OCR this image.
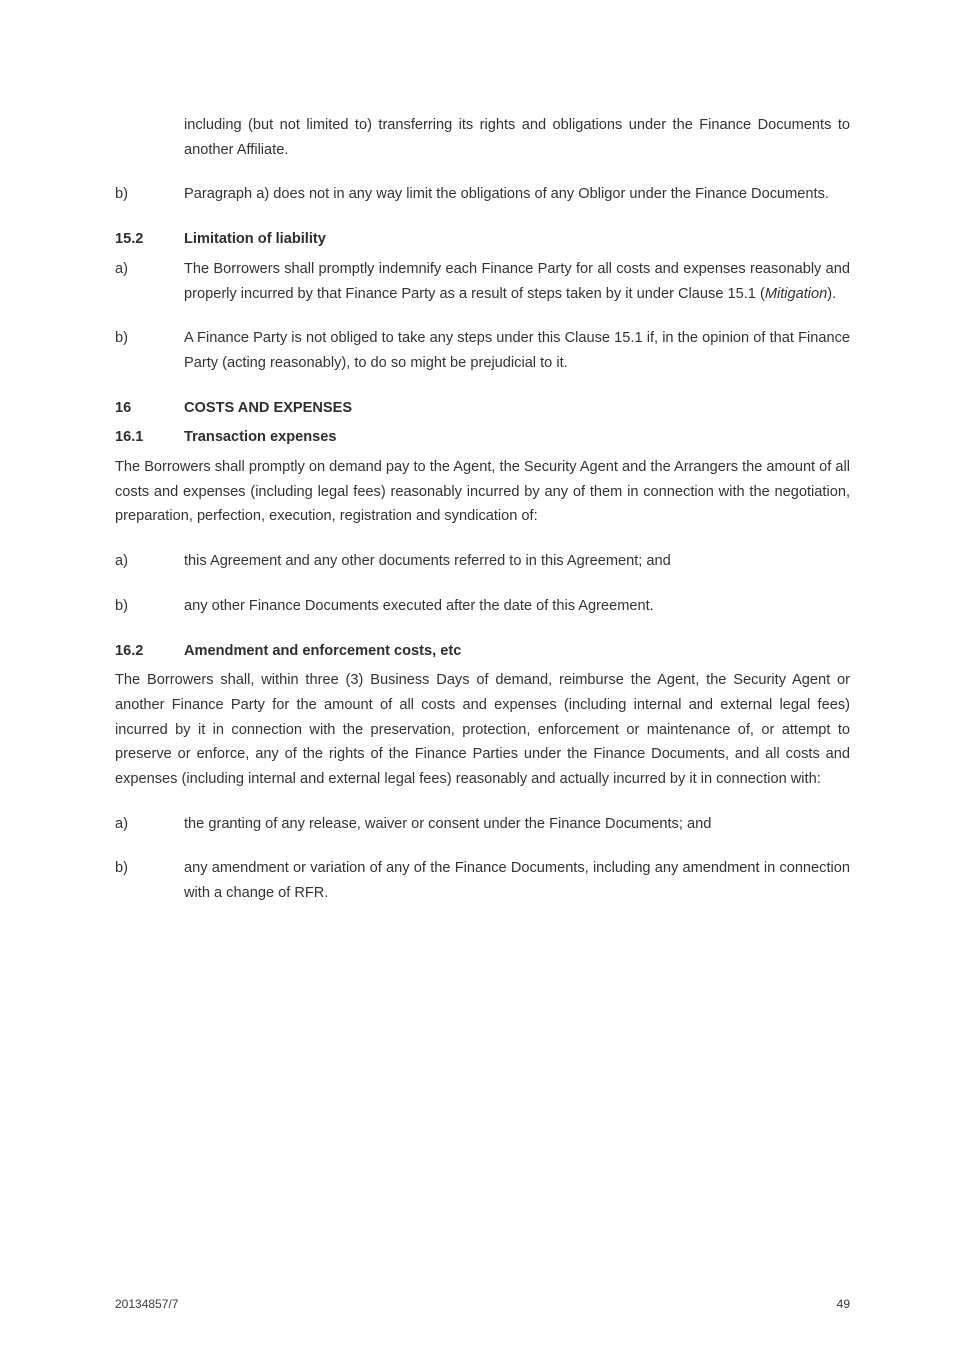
including (but not limited to) transferring its rights and obligations under the Finance Documents to another Affiliate.

b)	Paragraph a) does not in any way limit the obligations of any Obligor under the Finance Documents.
15.2	Limitation of liability
a)	The Borrowers shall promptly indemnify each Finance Party for all costs and expenses reasonably and properly incurred by that Finance Party as a result of steps taken by it under Clause 15.1 (Mitigation).
b)	A Finance Party is not obliged to take any steps under this Clause 15.1 if, in the opinion of that Finance Party (acting reasonably), to do so might be prejudicial to it.
16	COSTS AND EXPENSES
16.1	Transaction expenses

The Borrowers shall promptly on demand pay to the Agent, the Security Agent and the Arrangers the amount of all costs and expenses (including legal fees) reasonably incurred by any of them in connection with the negotiation, preparation, perfection, execution, registration and syndication of:

a)	this Agreement and any other documents referred to in this Agreement; and
b)	any other Finance Documents executed after the date of this Agreement.
16.2	Amendment and enforcement costs, etc

The Borrowers shall, within three (3) Business Days of demand, reimburse the Agent, the Security Agent or another Finance Party for the amount of all costs and expenses (including internal and external legal fees) incurred by it in connection with the preservation, protection, enforcement or maintenance of, or attempt to preserve or enforce, any of the rights of the Finance Parties under the Finance Documents, and all costs and expenses (including internal and external legal fees) reasonably and actually incurred by it in connection with:

a)	the granting of any release, waiver or consent under the Finance Documents; and
b)	any amendment or variation of any of the Finance Documents, including any amendment in connection with a change of RFR.
20134857/7	49
